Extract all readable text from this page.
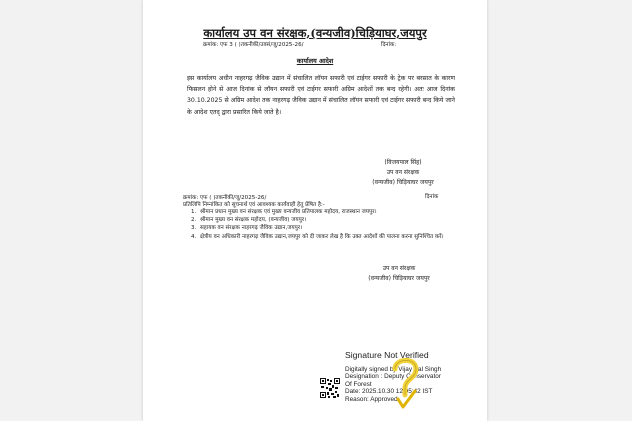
कार्यालय उप वन संरक्षक,(वन्यजीव)चिड़ियाघर,जयपुर
क्रमांक: एफ 3 ( )तकनीकी/उवसं/जू/2025-26/	दिनांक:
कार्यालय आदेश
इस कार्यालय अधीन नाहरगढ़ जैविक उद्यान में संचालित लॉयन सफारी एवं टाईगर सफारी के ट्रेक पर बरसात के कारण फिसलन होने से आज दिनांक से लॉयन सफारी एवं टाईगर सफारी अग्रिम आदेशों तक बन्द रहेगी। अतः आज दिनांक 30.10.2025 से अग्रिम आदेश तक नाहरगढ़ जैविक उद्यान में संचालित लॉयन सफारी एवं टाईगर सफारी बन्द किये जाने के आदेश एतद् द्वारा प्रसारित किये जाते है।
(विजयपाल सिंह)
उप वन संरक्षक
(वन्यजीव) चिड़ियाघर जयपुर
दिनांक
क्रमांक: एफ ( )तकनीकी/जू/2025-26/
प्रतिलिपि निम्नांकित को सूचनार्थ एवं आवश्यक कार्यवाही हेतु प्रेषित है:-
1. श्रीमान प्रधान मुख्य वन संरक्षक एवं मुख्य वन्यजीव प्रतिपालक महोदय, राजस्थान जयपुर।
2. श्रीमान मुख्य वन संरक्षक महोदय, (वन्यजीव) जयपुर।
3. सहायक वन संरक्षक नाहरगढ़ जैविक उद्यान,जयपुर।
4. क्षेत्रीय वन अधिकारी नाहरगढ़ जैविक उद्यान,जयपुर को दी जाकर लेख है कि उक्त आदेशों की पालना करना सुनिश्चित करें।
उप वन संरक्षक
(वन्यजीव) चिड़ियाघर जयपुर
Signature Not Verified
Digitally signed by Vijay Pal Singh
Designation : Deputy Conservator
Of Forest
Date: 2025.10.30 12:05:42 IST
Reason: Approved
